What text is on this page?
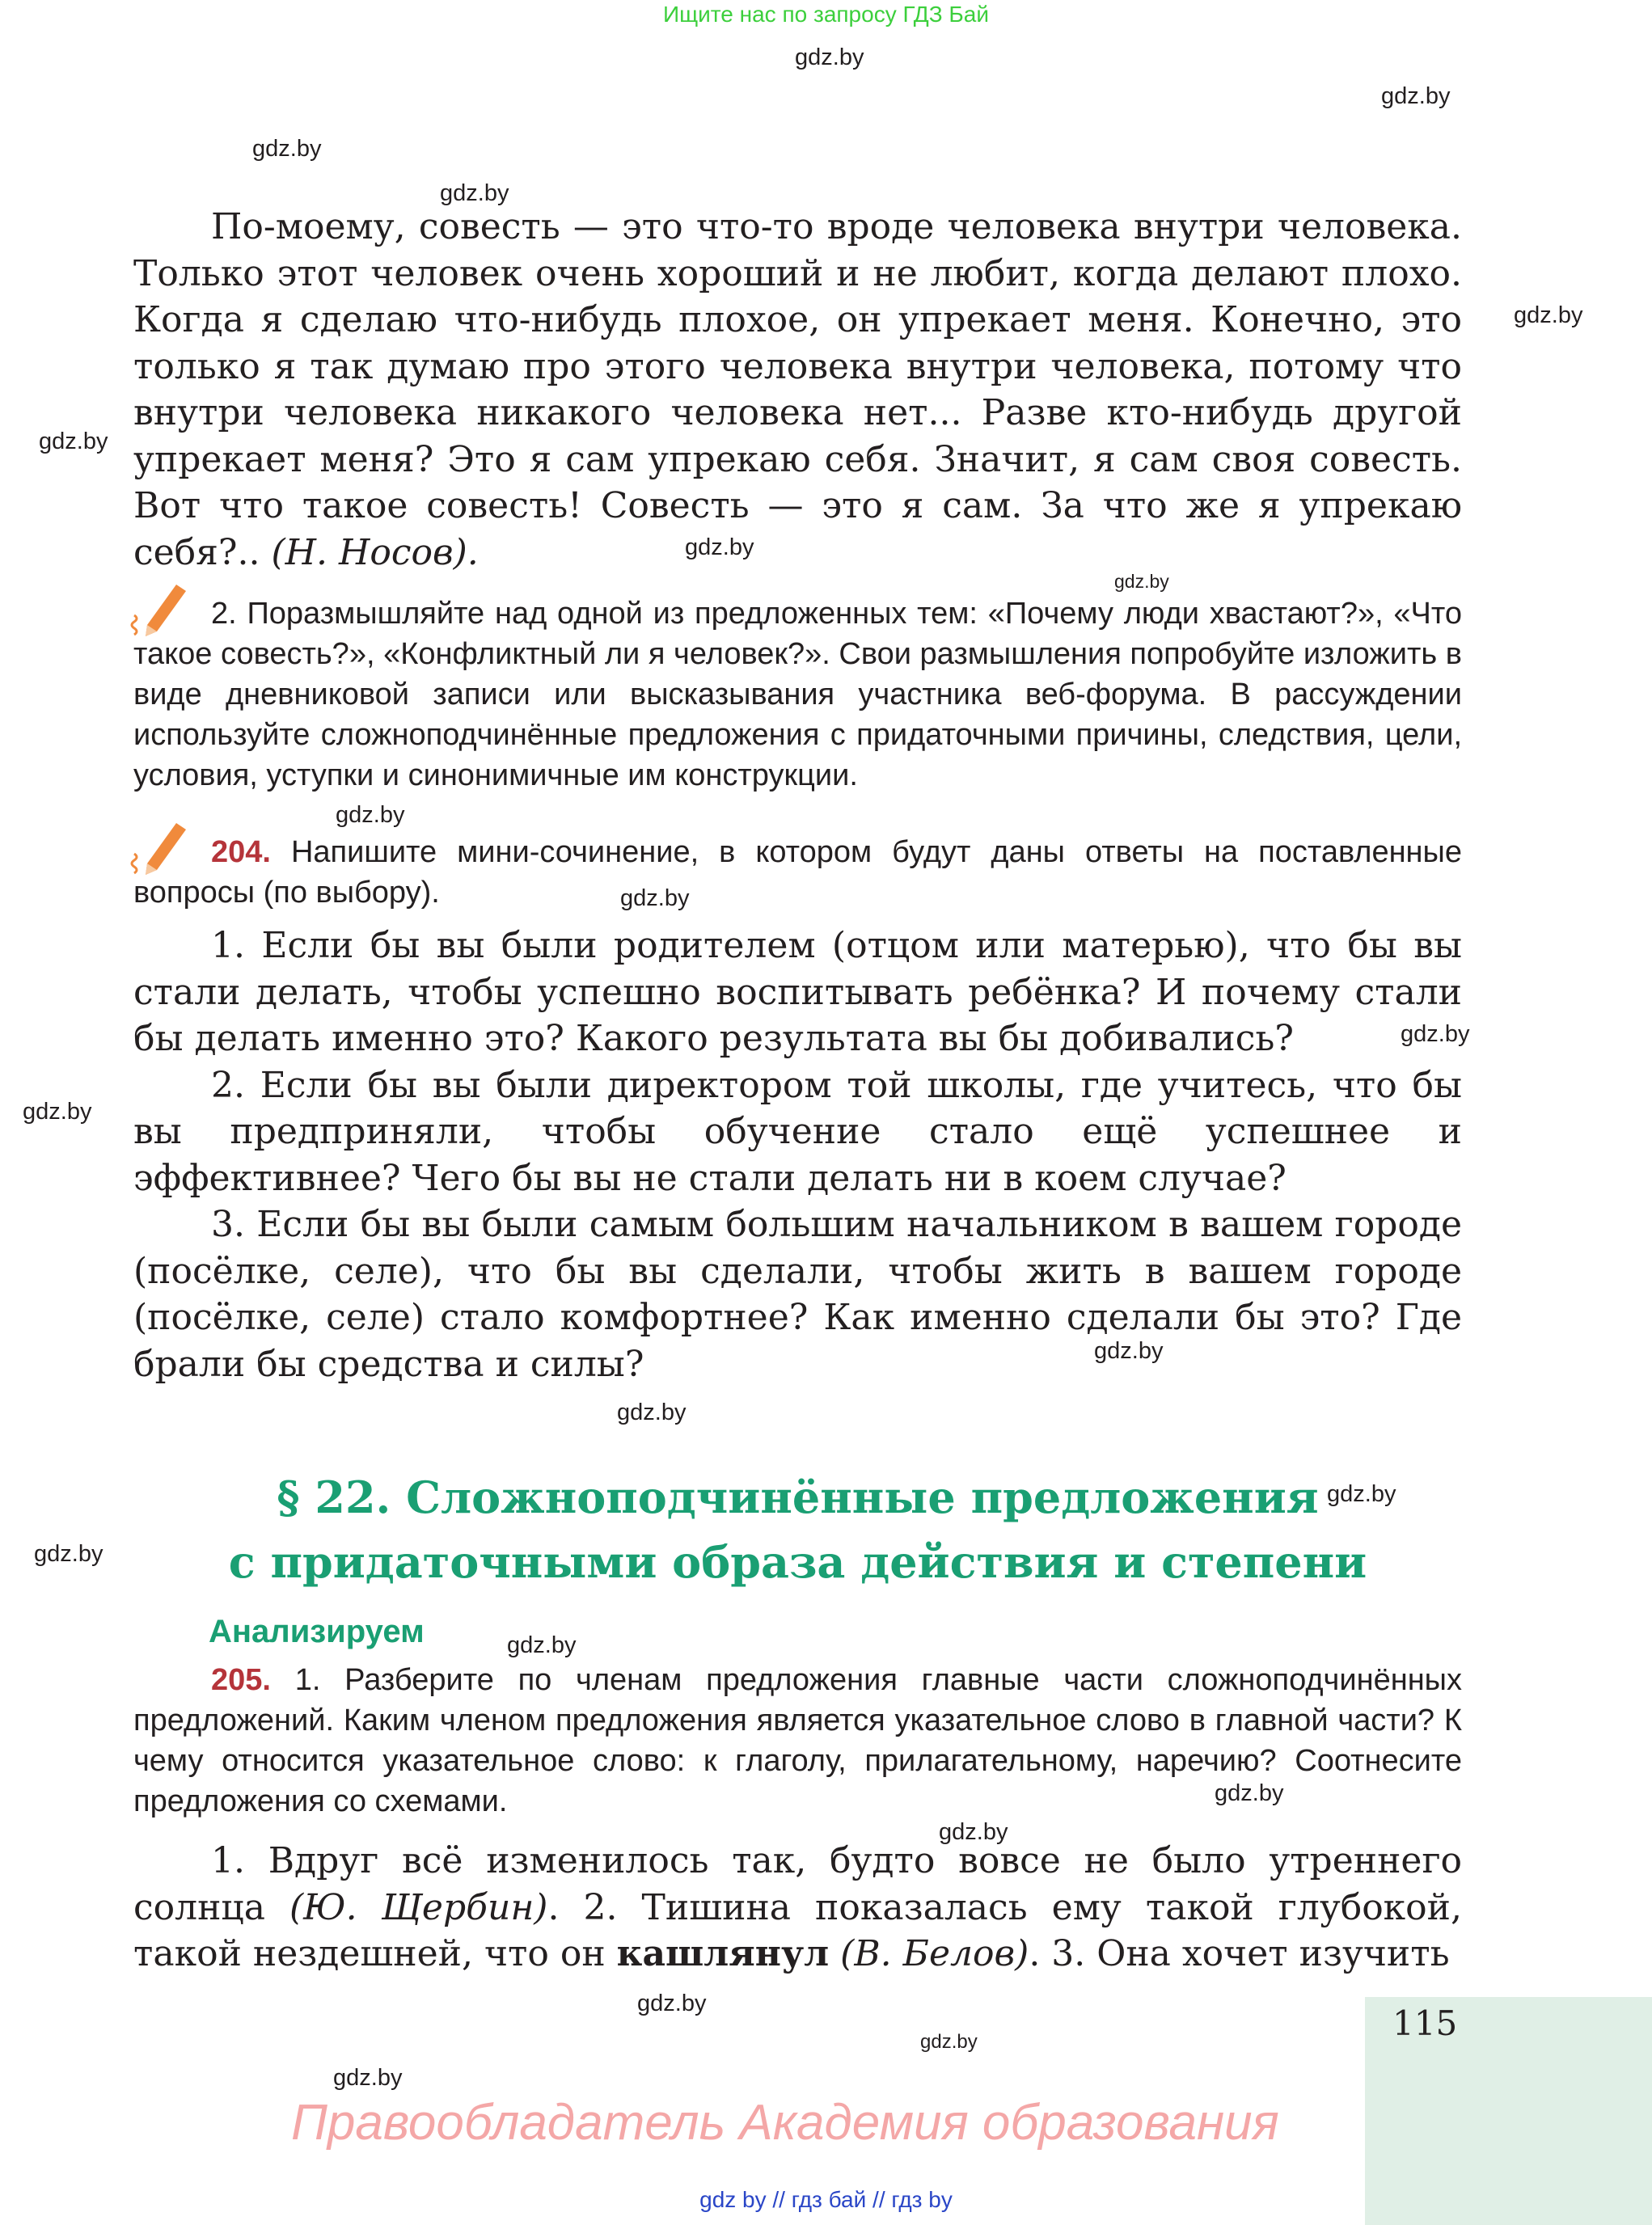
Ищите нас по запросу ГДЗ Бай
gdz.by
gdz.by
gdz.by
gdz.by
gdz.by
gdz.by
gdz.by
gdz.by
gdz.by
gdz.by
gdz.by
gdz.by
gdz.by
gdz.by
gdz.by
gdz.by
gdz.by
gdz.by
gdz.by
gdz.by
gdz.by
gdz.by

По-моему, совесть — это что-то вроде человека внутри человека. Только этот человек очень хороший и не любит, когда делают плохо. Когда я сделаю что-нибудь плохое, он упрекает меня. Конечно, это только я так думаю про этого человека внутри человека, потому что внутри человека никакого человека нет... Разве кто-нибудь другой упрекает меня? Это я сам упрекаю себя. Значит, я сам своя совесть. Вот что такое совесть! Совесть — это я сам. За что же я упрекаю себя?.. (Н. Носов).

2. Поразмышляйте над одной из предложенных тем: «Почему люди хвастают?», «Что такое совесть?», «Конфликтный ли я человек?». Свои размышления попробуйте изложить в виде дневниковой записи или высказывания участника веб-форума. В рассуждении используйте сложноподчинённые предложения с придаточными причины, следствия, цели, условия, уступки и синонимичные им конструкции.

204. Напишите мини-сочинение, в котором будут даны ответы на поставленные вопросы (по выбору).

1. Если бы вы были родителем (отцом или матерью), что бы вы стали делать, чтобы успешно воспитывать ребёнка? И почему стали бы делать именно это? Какого результата вы бы добивались?

2. Если бы вы были директором той школы, где учитесь, что бы вы предприняли, чтобы обучение стало ещё успешнее и эффективнее? Чего бы вы не стали делать ни в коем случае?

3. Если бы вы были самым большим начальником в вашем городе (посёлке, селе), что бы вы сделали, чтобы жить в вашем городе (посёлке, селе) стало комфортнее? Как именно сделали бы это? Где брали бы средства и силы?

§ 22. Сложноподчинённые предложения
с придаточными образа действия и степени
Анализируем

205. 1. Разберите по членам предложения главные части сложноподчинённых предложений. Каким членом предложения является указательное слово в главной части? К чему относится указательное слово: к глаголу, прилагательному, наречию? Соотнесите предложения со схемами.

1. Вдруг всё изменилось так, будто вовсе не было утреннего солнца (Ю. Щербин). 2. Тишина показалась ему такой глубокой, такой нездешней, что он кашлянул (В. Белов). 3. Она хочет изучить

115
Правообладатель Академия образования
gdz by // гдз бай // гдз by
